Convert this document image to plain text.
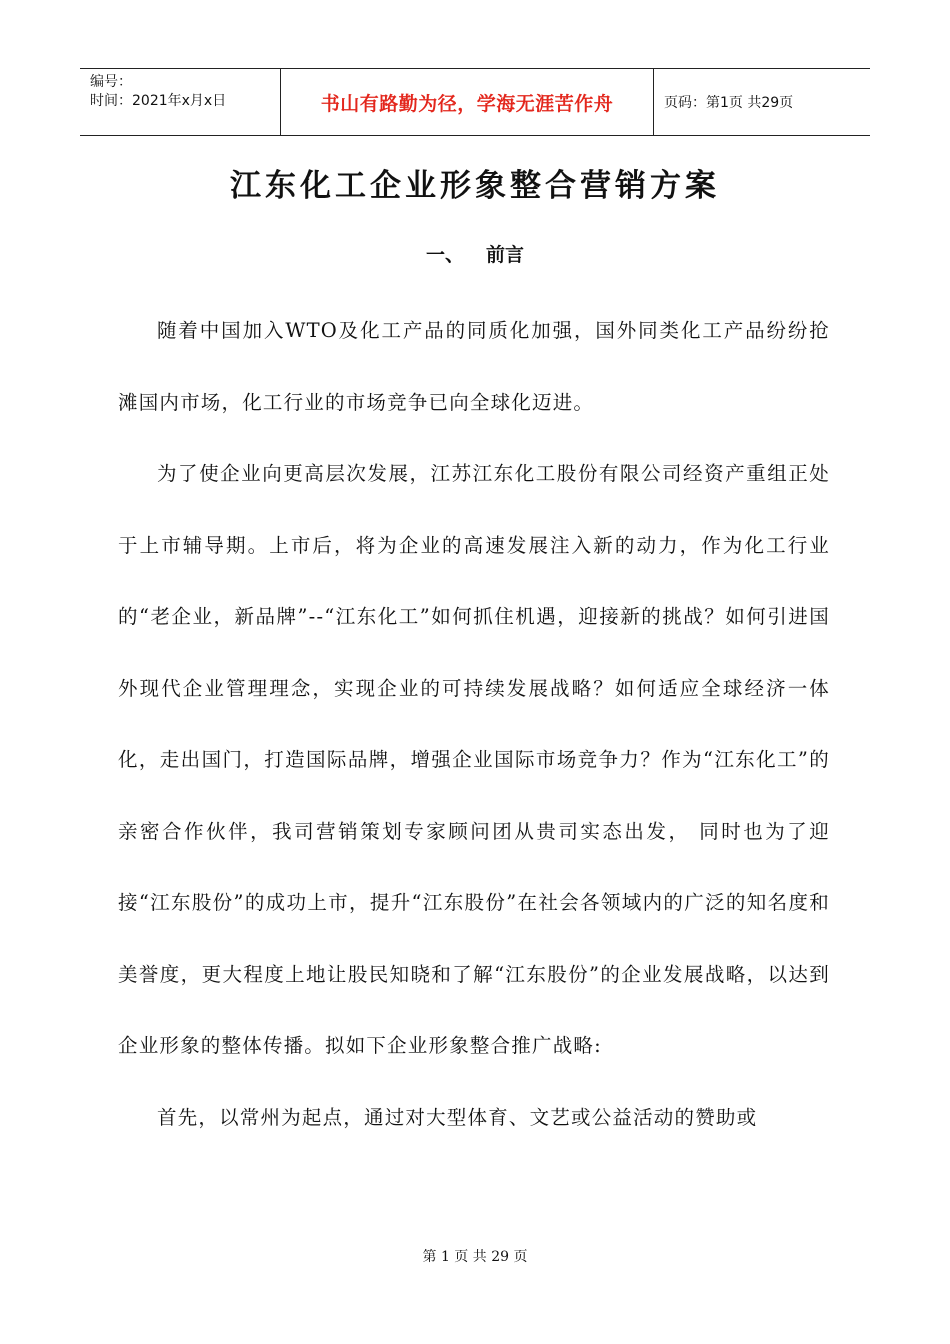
编号：
时间：2021年x月x日	书山有路勤为径，学海无涯苦作舟	页码：第1页 共29页
江东化工企业形象整合营销方案
一、 前言

随着中国加入WTO及化工产品的同质化加强，国外同类化工产品纷纷抢滩国内市场，化工行业的市场竞争已向全球化迈进。

为了使企业向更高层次发展，江苏江东化工股份有限公司经资产重组正处于上市辅导期。上市后，将为企业的高速发展注入新的动力，作为化工行业的“老企业，新品牌”--“江东化工”如何抓住机遇，迎接新的挑战？如何引进国外现代企业管理理念，实现企业的可持续发展战略？如何适应全球经济一体化，走出国门，打造国际品牌，增强企业国际市场竞争力？作为“江东化工”的亲密合作伙伴，我司营销策划专家顾问团从贵司实态出发， 同时也为了迎接“江东股份”的成功上市，提升“江东股份”在社会各领域内的广泛的知名度和美誉度，更大程度上地让股民知晓和了解“江东股份”的企业发展战略，以达到企业形象的整体传播。拟如下企业形象整合推广战略:

首先，以常州为起点，通过对大型体育、文艺或公益活动的赞助或

第 1 页 共 29 页
